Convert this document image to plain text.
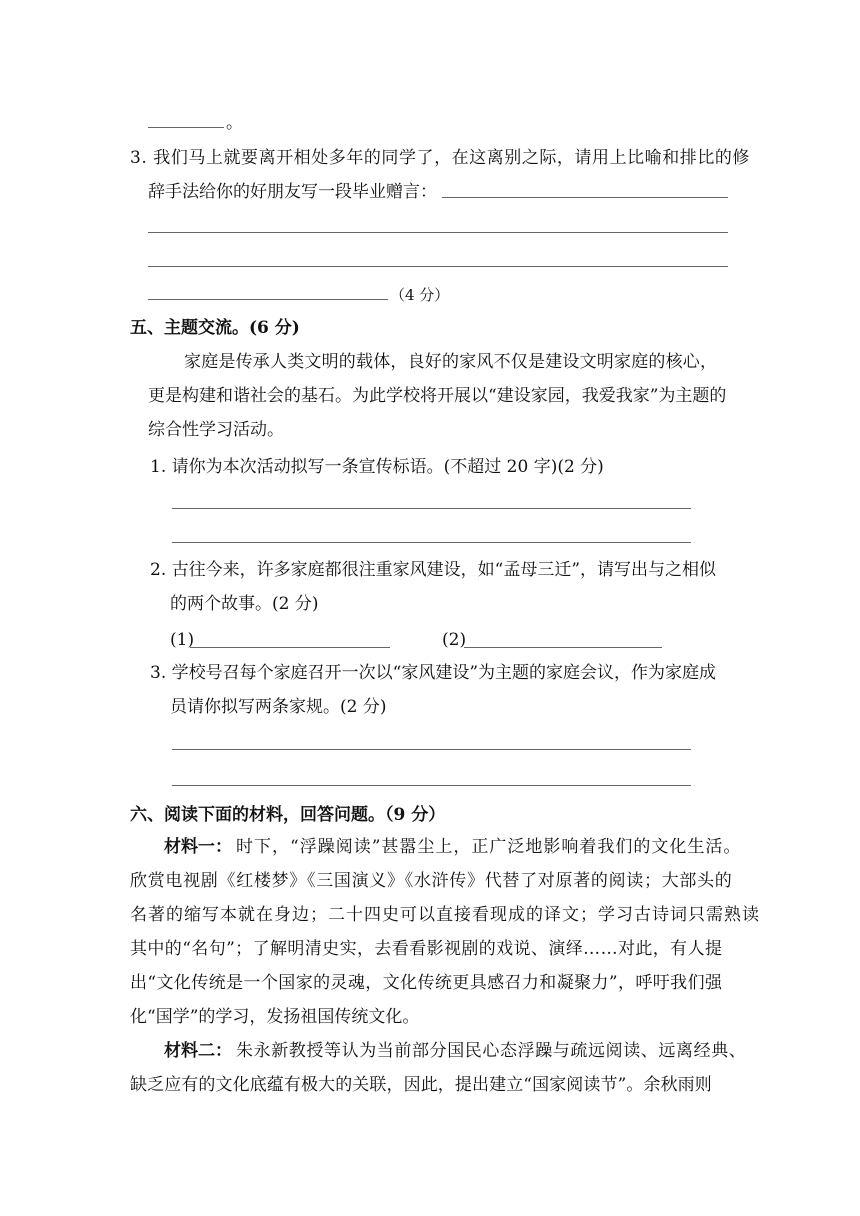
。
3. 我们马上就要离开相处多年的同学了，在这离别之际，请用上比喻和排比的修
辞手法给你的好朋友写一段毕业赠言：
（4 分）
五、主题交流。(6 分)
家庭是传承人类文明的载体，良好的家风不仅是建设文明家庭的核心，
更是构建和谐社会的基石。为此学校将开展以“建设家园，我爱我家”为主题的
综合性学习活动。
1. 请你为本次活动拟写一条宣传标语。(不超过 20 字)(2 分)
2. 古往今来，许多家庭都很注重家风建设，如“孟母三迁”，请写出与之相似
的两个故事。(2 分)
(1)	(2)
3. 学校号召每个家庭召开一次以“家风建设”为主题的家庭会议，作为家庭成
员请你拟写两条家规。(2 分)
六、阅读下面的材料，回答问题。（9 分）
材料一： 时下，“浮躁阅读”甚嚣尘上，正广泛地影响着我们的文化生活。
欣赏电视剧《红楼梦》《三国演义》《水浒传》代替了对原著的阅读；大部头的
名著的缩写本就在身边；二十四史可以直接看现成的译文；学习古诗词只需熟读
其中的“名句”；了解明清史实，去看看影视剧的戏说、演绎……对此，有人提
出“文化传统是一个国家的灵魂，文化传统更具感召力和凝聚力”，呼吁我们强
化“国学”的学习，发扬祖国传统文化。
材料二： 朱永新教授等认为当前部分国民心态浮躁与疏远阅读、远离经典、
缺乏应有的文化底蕴有极大的关联，因此，提出建立“国家阅读节”。余秋雨则
